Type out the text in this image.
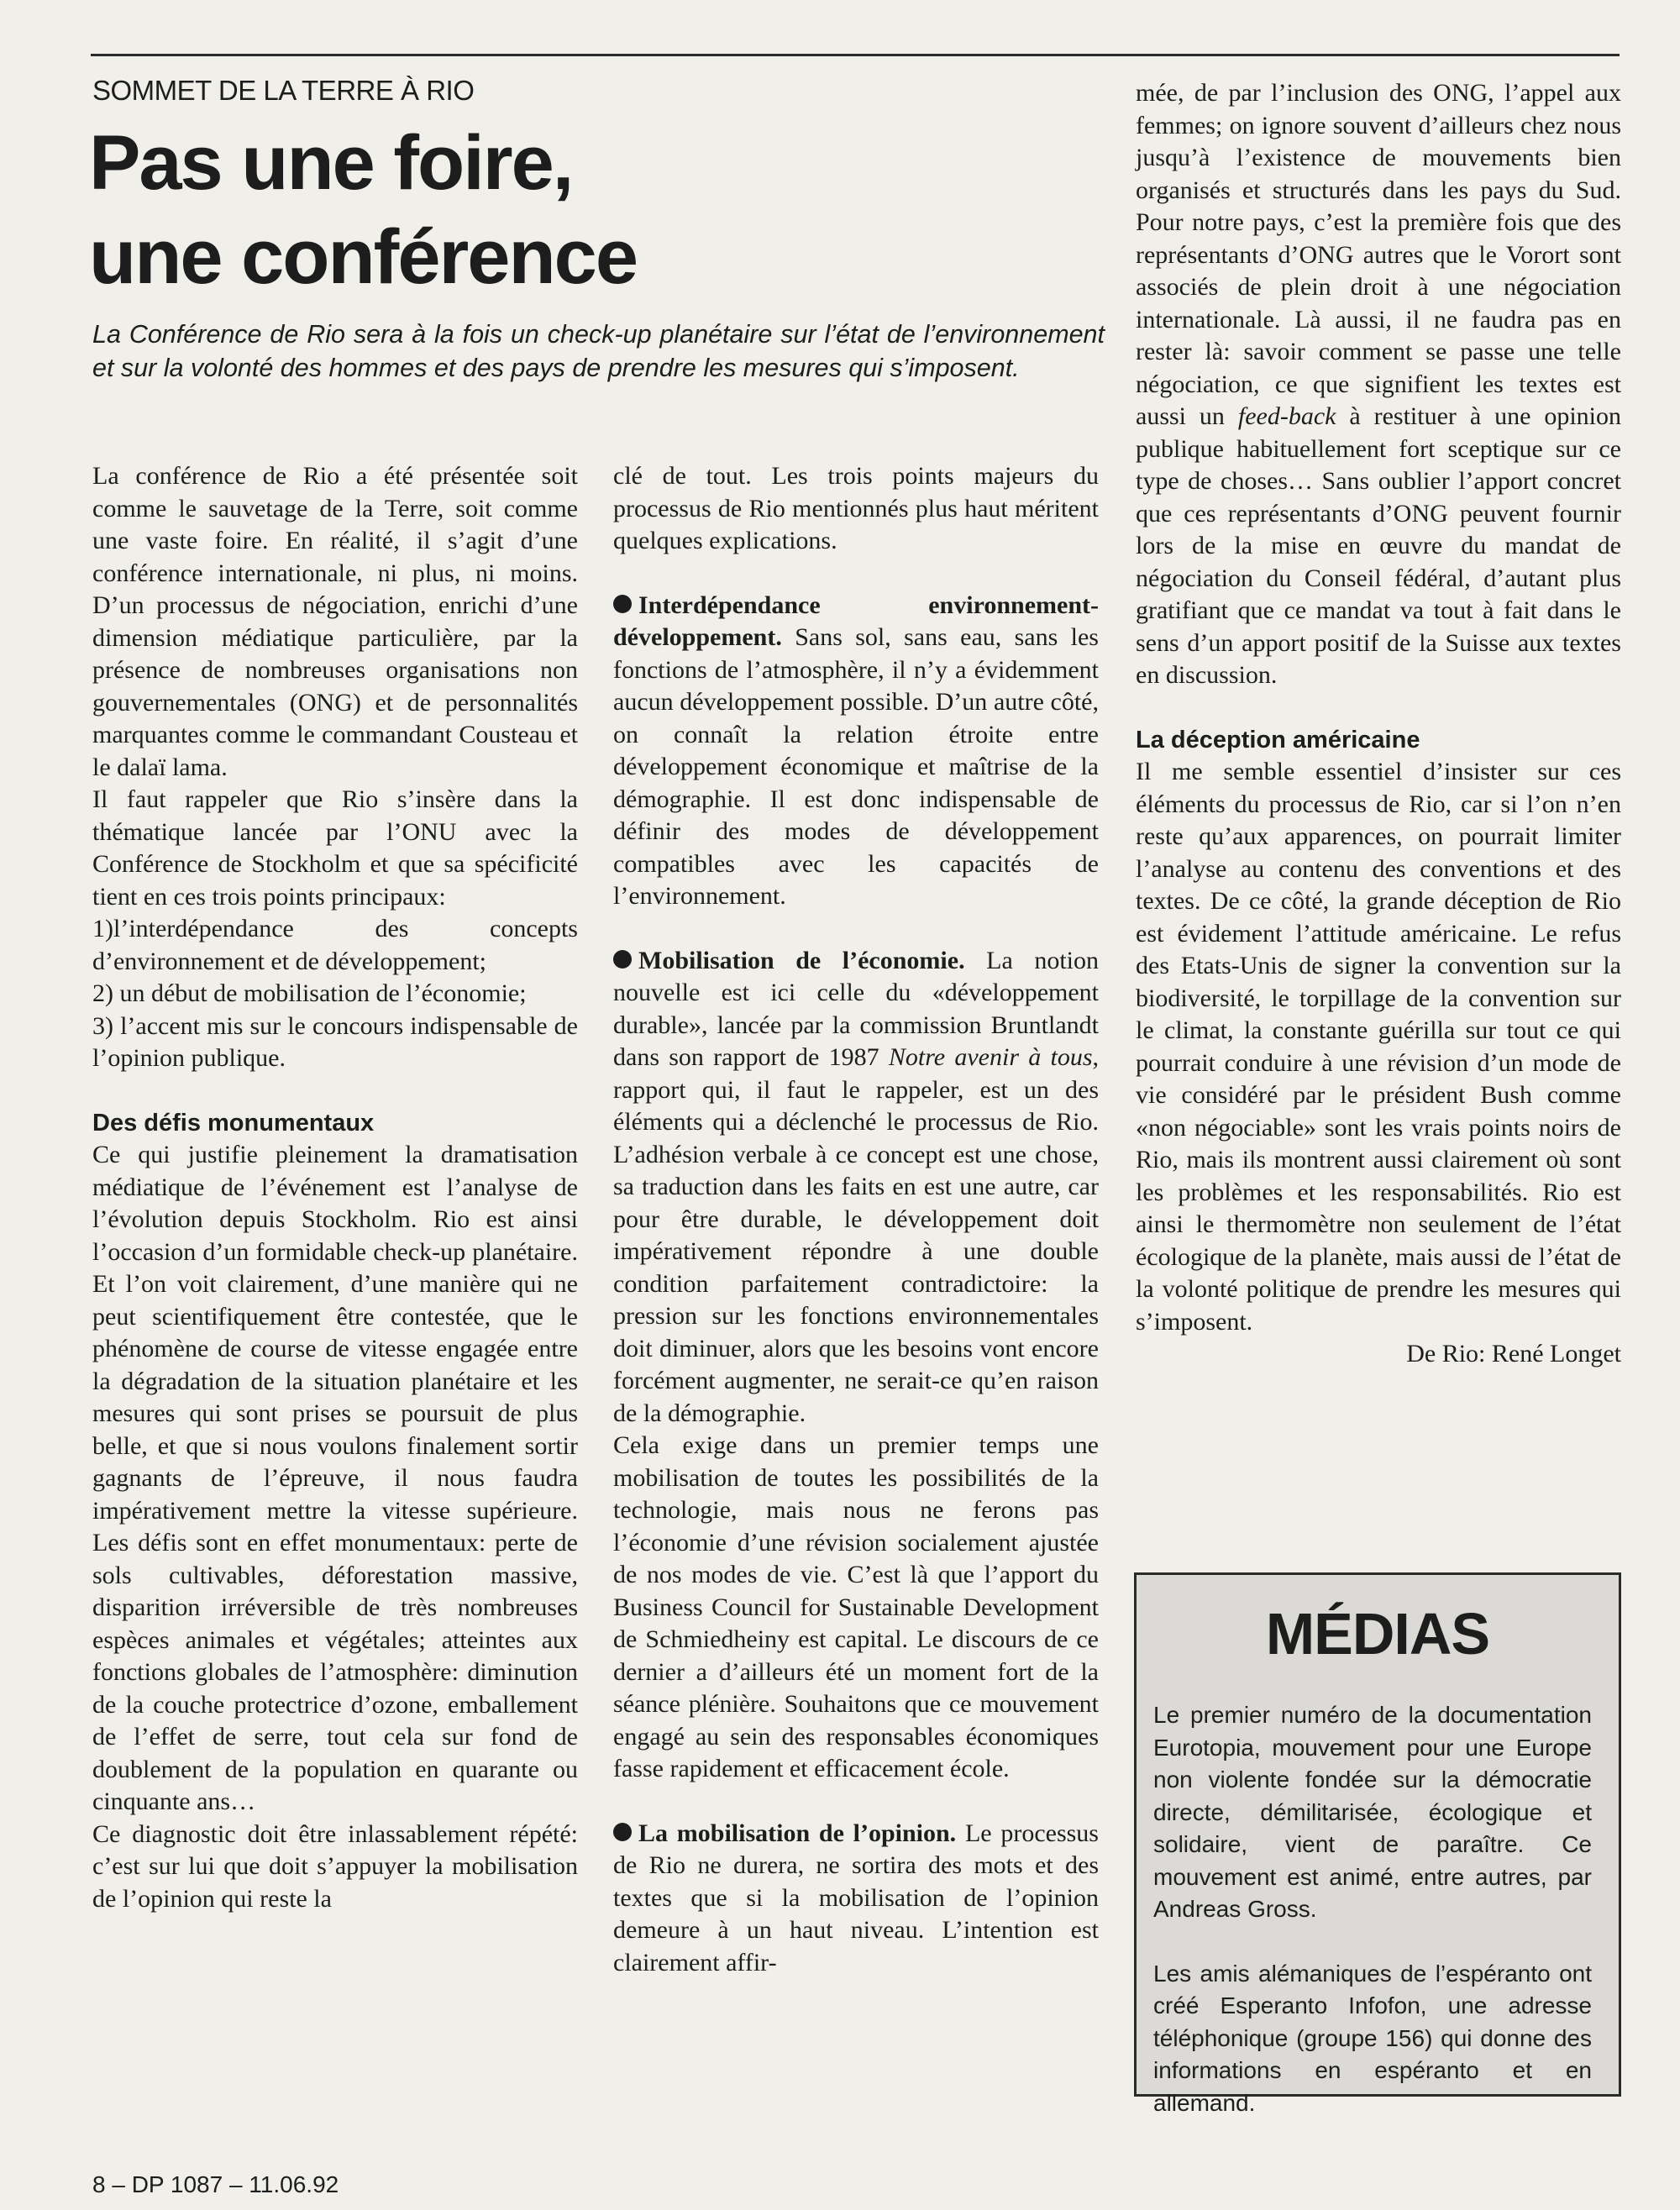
SOMMET DE LA TERRE À RIO
Pas une foire,
une conférence

La Conférence de Rio sera à la fois un check-up planétaire sur l’état de l’environnement et sur la volonté des hommes et des pays de prendre les mesures qui s’imposent.

La conférence de Rio a été présentée soit comme le sauvetage de la Terre, soit comme une vaste foire. En réalité, il s’agit d’une conférence internationale, ni plus, ni moins. D’un processus de négociation, enrichi d’une dimension médiatique particulière, par la présence de nombreuses organisations non gouvernementales (ONG) et de personnalités marquantes comme le commandant Cousteau et le dalaï lama.

Il faut rappeler que Rio s’insère dans la thématique lancée par l’ONU avec la Conférence de Stockholm et que sa spécificité tient en ces trois points principaux:

1)l’interdépendance des concepts d’environnement et de développement;

2) un début de mobilisation de l’économie;

3) l’accent mis sur le concours indispensable de l’opinion publique.

Des défis monumentaux

Ce qui justifie pleinement la dramatisation médiatique de l’événement est l’analyse de l’évolution depuis Stockholm. Rio est ainsi l’occasion d’un formidable check-up planétaire. Et l’on voit clairement, d’une manière qui ne peut scientifiquement être contestée, que le phénomène de course de vitesse engagée entre la dégradation de la situation planétaire et les mesures qui sont prises se poursuit de plus belle, et que si nous voulons finalement sortir gagnants de l’épreuve, il nous faudra impérativement mettre la vitesse supérieure. Les défis sont en effet monumentaux: perte de sols cultivables, déforestation massive, disparition irréversible de très nombreuses espèces animales et végétales; atteintes aux fonctions globales de l’atmosphère: diminution de la couche protectrice d’ozone, emballement de l’effet de serre, tout cela sur fond de doublement de la population en quarante ou cinquante ans…

Ce diagnostic doit être inlassablement répété: c’est sur lui que doit s’appuyer la mobilisation de l’opinion qui reste la

clé de tout. Les trois points majeurs du processus de Rio mentionnés plus haut méritent quelques explications.

Interdépendance environnement-développement. Sans sol, sans eau, sans les fonctions de l’atmosphère, il n’y a évidemment aucun développement possible. D’un autre côté, on connaît la relation étroite entre développement économique et maîtrise de la démographie. Il est donc indispensable de définir des modes de développement compatibles avec les capacités de l’environnement.

Mobilisation de l’économie. La notion nouvelle est ici celle du «développement durable», lancée par la commission Bruntlandt dans son rapport de 1987 Notre avenir à tous, rapport qui, il faut le rappeler, est un des éléments qui a déclenché le processus de Rio. L’adhésion verbale à ce concept est une chose, sa traduction dans les faits en est une autre, car pour être durable, le développement doit impérativement répondre à une double condition parfaitement contradictoire: la pression sur les fonctions environnementales doit diminuer, alors que les besoins vont encore forcément augmenter, ne serait-ce qu’en raison de la démographie.

Cela exige dans un premier temps une mobilisation de toutes les possibilités de la technologie, mais nous ne ferons pas l’économie d’une révision socialement ajustée de nos modes de vie. C’est là que l’apport du Business Council for Sustainable Development de Schmiedheiny est capital. Le discours de ce dernier a d’ailleurs été un moment fort de la séance plénière. Souhaitons que ce mouvement engagé au sein des responsables économiques fasse rapidement et efficacement école.

La mobilisation de l’opinion. Le processus de Rio ne durera, ne sortira des mots et des textes que si la mobilisation de l’opinion demeure à un haut niveau. L’intention est clairement affir-

mée, de par l’inclusion des ONG, l’appel aux femmes; on ignore souvent d’ailleurs chez nous jusqu’à l’existence de mouvements bien organisés et structurés dans les pays du Sud. Pour notre pays, c’est la première fois que des représentants d’ONG autres que le Vorort sont associés de plein droit à une négociation internationale. Là aussi, il ne faudra pas en rester là: savoir comment se passe une telle négociation, ce que signifient les textes est aussi un feed-back à restituer à une opinion publique habituellement fort sceptique sur ce type de choses… Sans oublier l’apport concret que ces représentants d’ONG peuvent fournir lors de la mise en œuvre du mandat de négociation du Conseil fédéral, d’autant plus gratifiant que ce mandat va tout à fait dans le sens d’un apport positif de la Suisse aux textes en discussion.

La déception américaine

Il me semble essentiel d’insister sur ces éléments du processus de Rio, car si l’on n’en reste qu’aux apparences, on pourrait limiter l’analyse au contenu des conventions et des textes. De ce côté, la grande déception de Rio est évidement l’attitude américaine. Le refus des Etats-Unis de signer la convention sur la biodiversité, le torpillage de la convention sur le climat, la constante guérilla sur tout ce qui pourrait conduire à une révision d’un mode de vie considéré par le président Bush comme «non négociable» sont les vrais points noirs de Rio, mais ils montrent aussi clairement où sont les problèmes et les responsabilités. Rio est ainsi le thermomètre non seulement de l’état écologique de la planète, mais aussi de l’état de la volonté politique de prendre les mesures qui s’imposent.

De Rio: René Longet

MÉDIAS

Le premier numéro de la documentation Eurotopia, mouvement pour une Europe non violente fondée sur la démocratie directe, démilitarisée, écologique et solidaire, vient de paraître. Ce mouvement est animé, entre autres, par Andreas Gross.

Les amis alémaniques de l’espéranto ont créé Esperanto Infofon, une adresse téléphonique (groupe 156) qui donne des informations en espéranto et en allemand.

8 – DP 1087 – 11.06.92
